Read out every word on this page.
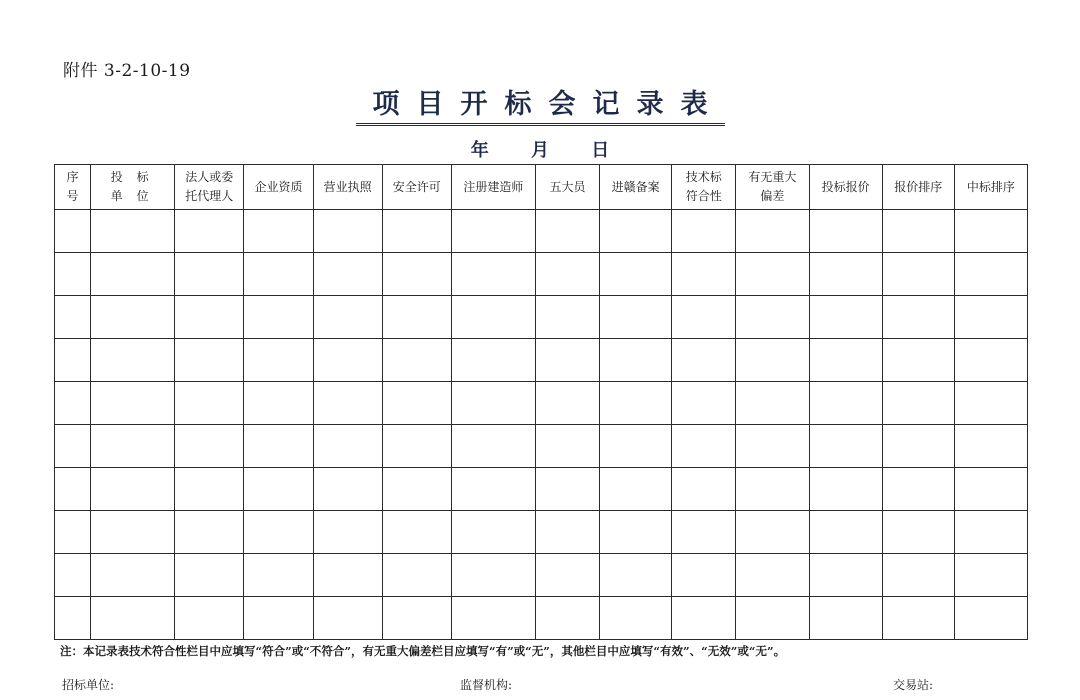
附件 3-2-10-19
项目开标会记录表
年 月 日
序号	投标单位	法人或委托代理人	企业资质	营业执照	安全许可	注册建造师	五大员	进赣备案	技术标符合性	有无重大偏差	投标报价	报价排序	中标排序

注：本记录表技术符合性栏目中应填写“符合”或“不符合”，有无重大偏差栏目应填写“有”或“无”，其他栏目中应填写“有效”、“无效”或“无”。
招标单位:	监督机构:	交易站:
